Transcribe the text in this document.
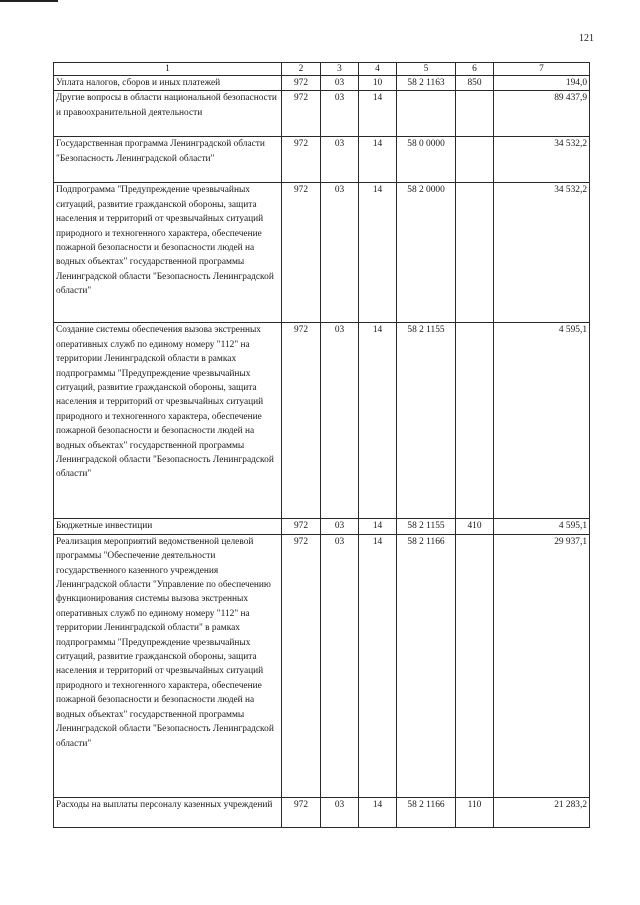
121
1	2	3	4	5	6	7
Уплата налогов, сборов и иных платежей	972	03	10	58 2 1163	850	194,0
Другие вопросы в области национальной безопасности и правоохранительной деятельности	972	03	14			89 437,9
Государственная программа Ленинградской области "Безопасность Ленинградской области"	972	03	14	58 0 0000		34 532,2
Подпрограмма "Предупреждение чрезвычайных ситуаций, развитие гражданской обороны, защита населения и территорий от чрезвычайных ситуаций природного и техногенного характера, обеспечение пожарной безопасности и безопасности людей на водных объектах" государственной программы Ленинградской области "Безопасность Ленинградской области"	972	03	14	58 2 0000		34 532,2
Создание системы обеспечения вызова экстренных оперативных служб по единому номеру "112" на территории Ленинградской области в рамках подпрограммы "Предупреждение чрезвычайных ситуаций, развитие гражданской обороны, защита населения и территорий от чрезвычайных ситуаций природного и техногенного характера, обеспечение пожарной безопасности и безопасности людей на водных объектах" государственной программы Ленинградской области "Безопасность Ленинградской области"	972	03	14	58 2 1155		4 595,1
Бюджетные инвестиции	972	03	14	58 2 1155	410	4 595,1
Реализация мероприятий ведомственной целевой программы "Обеспечение деятельности государственного казенного учреждения Ленинградской области "Управление по обеспечению функционирования системы вызова экстренных оперативных служб по единому номеру "112" на территории Ленинградской области" в рамках подпрограммы "Предупреждение чрезвычайных ситуаций, развитие гражданской обороны, защита населения и территорий от чрезвычайных ситуаций природного и техногенного характера, обеспечение пожарной безопасности и безопасности людей на водных объектах" государственной программы Ленинградской области "Безопасность Ленинградской области"	972	03	14	58 2 1166		29 937,1
Расходы на выплаты персоналу казенных учреждений	972	03	14	58 2 1166	110	21 283,2
